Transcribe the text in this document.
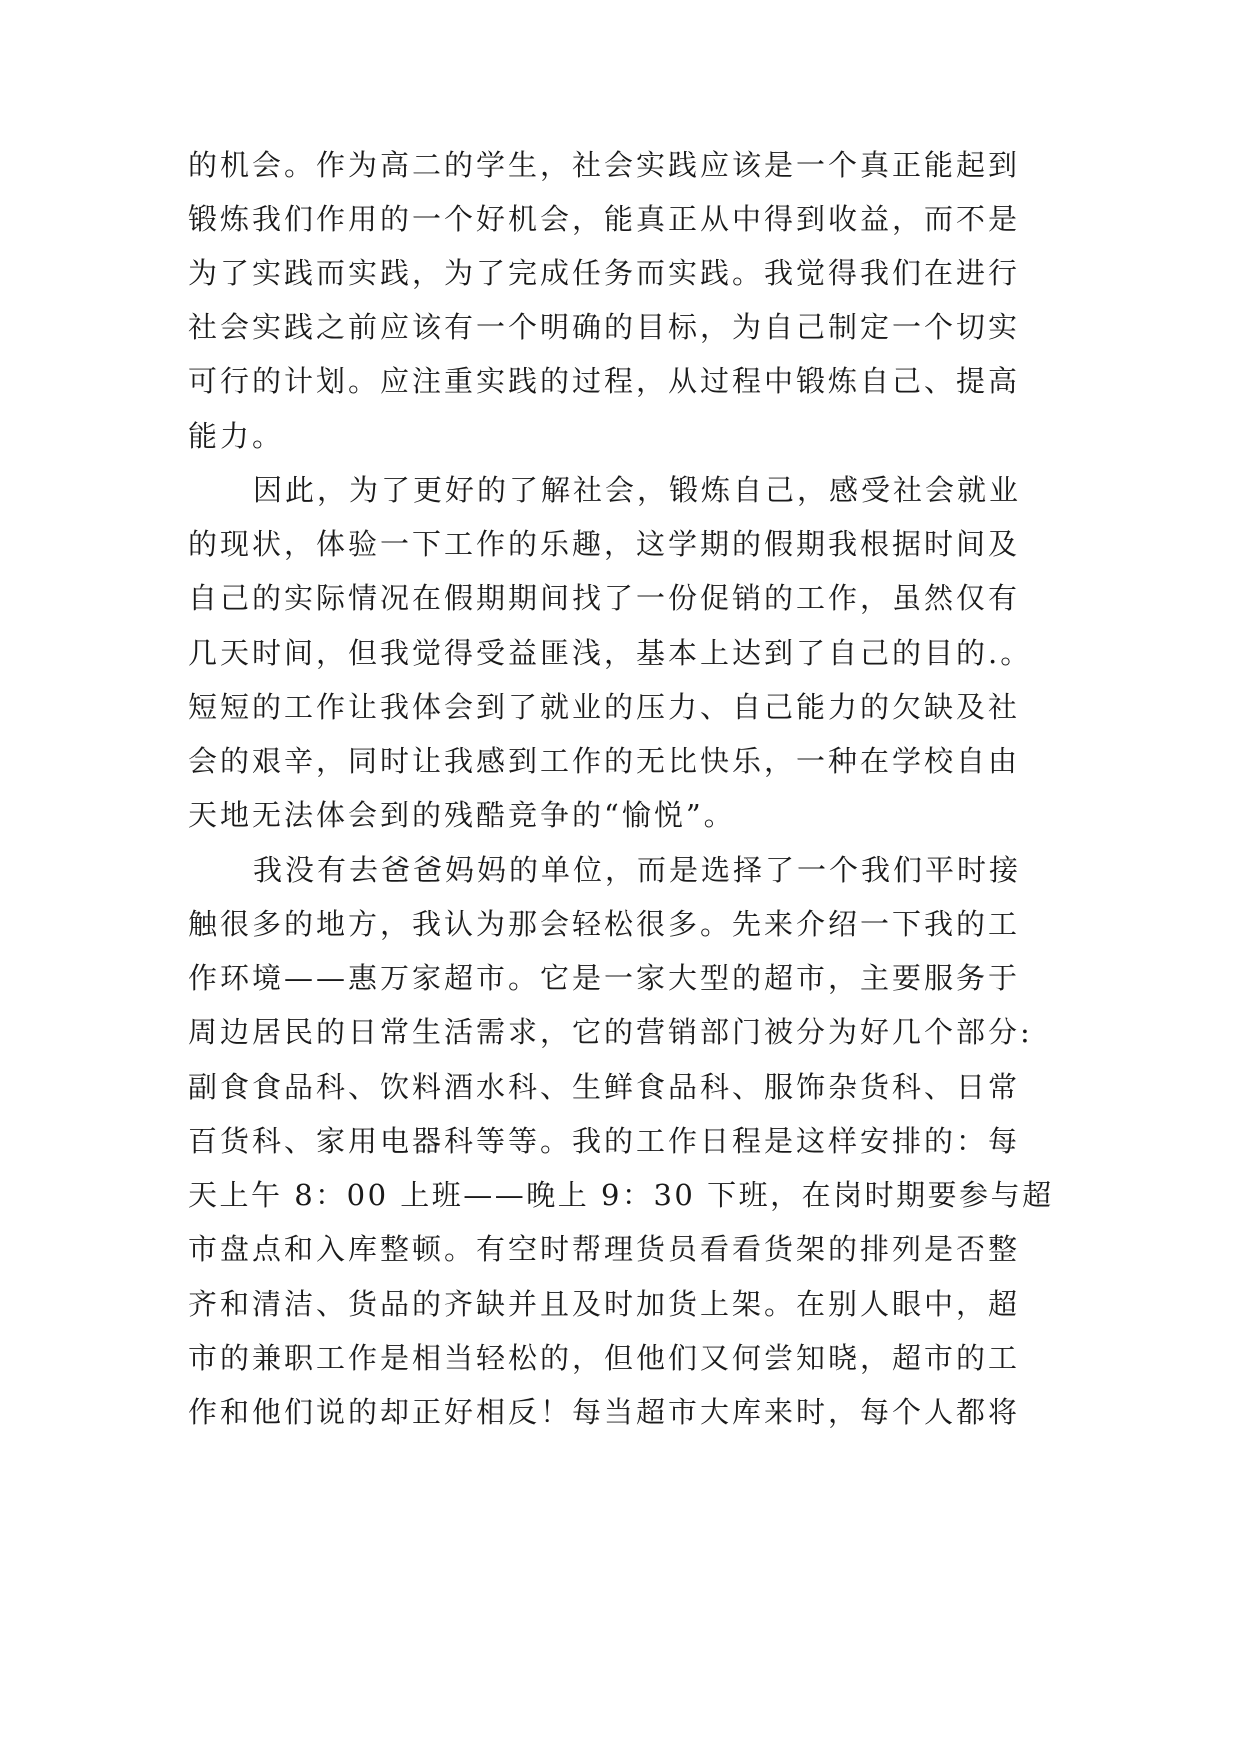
的机会。作为高二的学生，社会实践应该是一个真正能起到
锻炼我们作用的一个好机会，能真正从中得到收益，而不是
为了实践而实践，为了完成任务而实践。我觉得我们在进行
社会实践之前应该有一个明确的目标，为自己制定一个切实
可行的计划。应注重实践的过程，从过程中锻炼自己、提高
能力。
因此，为了更好的了解社会，锻炼自己，感受社会就业
的现状，体验一下工作的乐趣，这学期的假期我根据时间及
自己的实际情况在假期期间找了一份促销的工作，虽然仅有
几天时间，但我觉得受益匪浅，基本上达到了自己的目的.。
短短的工作让我体会到了就业的压力、自己能力的欠缺及社
会的艰辛，同时让我感到工作的无比快乐，一种在学校自由
天地无法体会到的残酷竞争的“愉悦”。
我没有去爸爸妈妈的单位，而是选择了一个我们平时接
触很多的地方，我认为那会轻松很多。先来介绍一下我的工
作环境——惠万家超市。它是一家大型的超市，主要服务于
周边居民的日常生活需求，它的营销部门被分为好几个部分:
副食食品科、饮料酒水科、生鲜食品科、服饰杂货科、日常
百货科、家用电器科等等。我的工作日程是这样安排的：每
天上午 8：00 上班——晚上 9：30 下班，在岗时期要参与超
市盘点和入库整顿。有空时帮理货员看看货架的排列是否整
齐和清洁、货品的齐缺并且及时加货上架。在别人眼中，超
市的兼职工作是相当轻松的，但他们又何尝知晓，超市的工
作和他们说的却正好相反！每当超市大库来时，每个人都将
